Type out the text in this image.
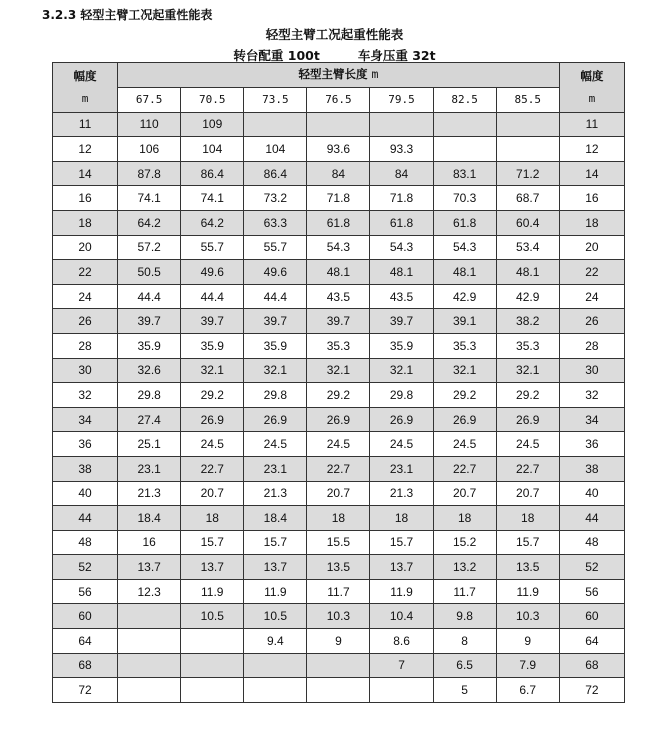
3.2.3 轻型主臂工况起重性能表
轻型主臂工况起重性能表
转台配重 100t	车身压重 32t
幅度
m	轻型主臂长度 m							幅度
m
	67.5	70.5	73.5	76.5	79.5	82.5	85.5	
11	110	109						11
12	106	104	104	93.6	93.3			12
14	87.8	86.4	86.4	84	84	83.1	71.2	14
16	74.1	74.1	73.2	71.8	71.8	70.3	68.7	16
18	64.2	64.2	63.3	61.8	61.8	61.8	60.4	18
20	57.2	55.7	55.7	54.3	54.3	54.3	53.4	20
22	50.5	49.6	49.6	48.1	48.1	48.1	48.1	22
24	44.4	44.4	44.4	43.5	43.5	42.9	42.9	24
26	39.7	39.7	39.7	39.7	39.7	39.1	38.2	26
28	35.9	35.9	35.9	35.3	35.9	35.3	35.3	28
30	32.6	32.1	32.1	32.1	32.1	32.1	32.1	30
32	29.8	29.2	29.8	29.2	29.8	29.2	29.2	32
34	27.4	26.9	26.9	26.9	26.9	26.9	26.9	34
36	25.1	24.5	24.5	24.5	24.5	24.5	24.5	36
38	23.1	22.7	23.1	22.7	23.1	22.7	22.7	38
40	21.3	20.7	21.3	20.7	21.3	20.7	20.7	40
44	18.4	18	18.4	18	18	18	18	44
48	16	15.7	15.7	15.5	15.7	15.2	15.7	48
52	13.7	13.7	13.7	13.5	13.7	13.2	13.5	52
56	12.3	11.9	11.9	11.7	11.9	11.7	11.9	56
60		10.5	10.5	10.3	10.4	9.8	10.3	60
64			9.4	9	8.6	8	9	64
68					7	6.5	7.9	68
72						5	6.7	72
